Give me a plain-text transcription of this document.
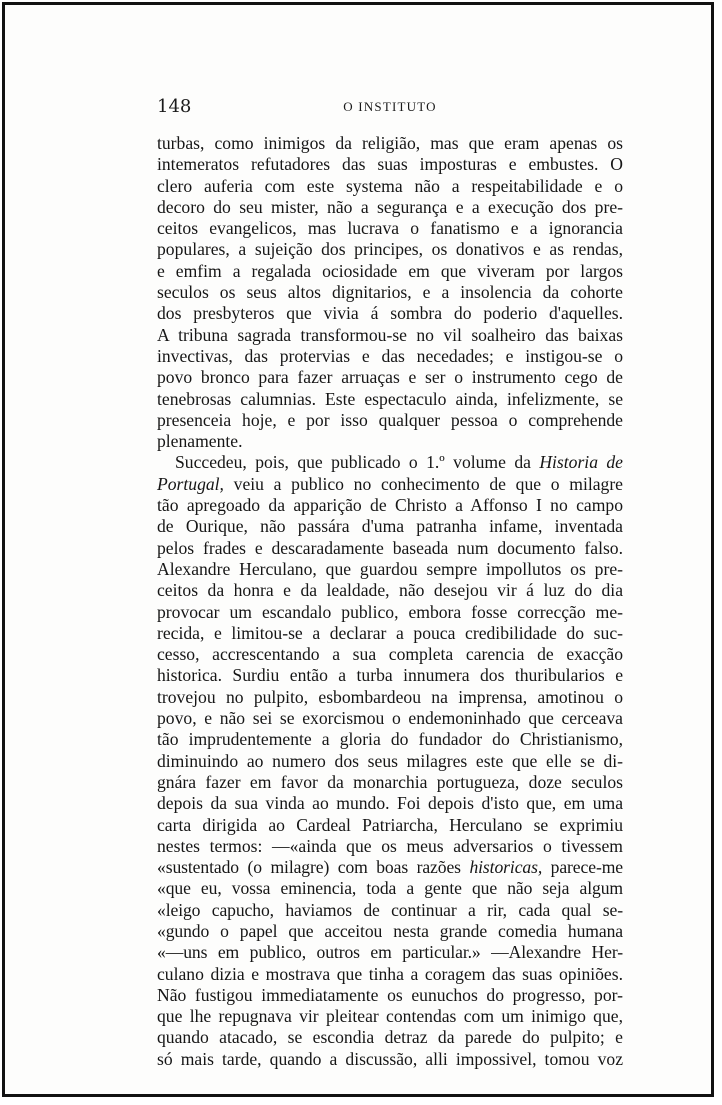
148	O INSTITUTO
turbas, como inimigos da religião, mas que eram apenas os
intemeratos refutadores das suas imposturas e embustes. O
clero auferia com este systema não a respeitabilidade e o
decoro do seu mister, não a segurança e a execução dos pre-
ceitos evangelicos, mas lucrava o fanatismo e a ignorancia
populares, a sujeição dos principes, os donativos e as rendas,
e emfim a regalada ociosidade em que viveram por largos
seculos os seus altos dignitarios, e a insolencia da cohorte
dos presbyteros que vivia á sombra do poderio d'aquelles.
A tribuna sagrada transformou-se no vil soalheiro das baixas
invectivas, das protervias e das necedades; e instigou-se o
povo bronco para fazer arruaças e ser o instrumento cego de
tenebrosas calumnias. Este espectaculo ainda, infelizmente, se
presenceia hoje, e por isso qualquer pessoa o comprehende
plenamente.
Succedeu, pois, que publicado o 1.º volume da Historia de
Portugal, veiu a publico no conhecimento de que o milagre
tão apregoado da apparição de Christo a Affonso I no campo
de Ourique, não passára d'uma patranha infame, inventada
pelos frades e descaradamente baseada num documento falso.
Alexandre Herculano, que guardou sempre impollutos os pre-
ceitos da honra e da lealdade, não desejou vir á luz do dia
provocar um escandalo publico, embora fosse correcção me-
recida, e limitou-se a declarar a pouca credibilidade do suc-
cesso, accrescentando a sua completa carencia de exacção
historica. Surdiu então a turba innumera dos thuribularios e
trovejou no pulpito, esbombardeou na imprensa, amotinou o
povo, e não sei se exorcismou o endemoninhado que cerceava
tão imprudentemente a gloria do fundador do Christianismo,
diminuindo ao numero dos seus milagres este que elle se di-
gnára fazer em favor da monarchia portugueza, doze seculos
depois da sua vinda ao mundo. Foi depois d'isto que, em uma
carta dirigida ao Cardeal Patriarcha, Herculano se exprimiu
nestes termos: —«ainda que os meus adversarios o tivessem
«sustentado (o milagre) com boas razões historicas, parece-me
«que eu, vossa eminencia, toda a gente que não seja algum
«leigo capucho, haviamos de continuar a rir, cada qual se-
«gundo o papel que acceitou nesta grande comedia humana
«—uns em publico, outros em particular.» —Alexandre Her-
culano dizia e mostrava que tinha a coragem das suas opiniões.
Não fustigou immediatamente os eunuchos do progresso, por-
que lhe repugnava vir pleitear contendas com um inimigo que,
quando atacado, se escondia detraz da parede do pulpito; e
só mais tarde, quando a discussão, alli impossivel, tomou voz
